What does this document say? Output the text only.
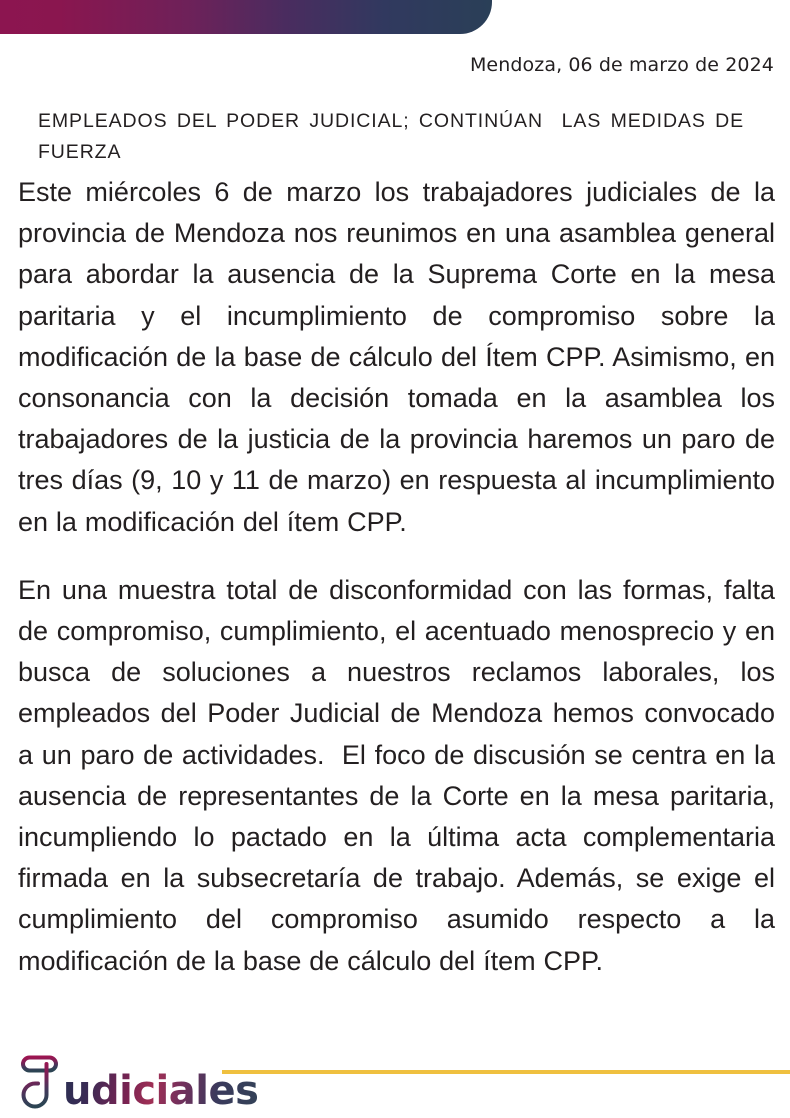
Mendoza, 06 de marzo de 2024
EMPLEADOS DEL PODER JUDICIAL; CONTINÚAN  LAS MEDIDAS DE FUERZA

Este miércoles 6 de marzo los trabajadores judiciales de la provincia de Mendoza nos reunimos en una asamblea general para abordar la ausencia de la Suprema Corte en la mesa paritaria y el incumplimiento de compromiso sobre la modificación de la base de cálculo del Ítem CPP. Asimismo, en consonancia con la decisión tomada en la asamblea los trabajadores de la justicia de la provincia haremos un paro de tres días (9, 10 y 11 de marzo) en respuesta al incumplimiento en la modificación del ítem CPP.

En una muestra total de disconformidad con las formas, falta de compromiso, cumplimiento, el acentuado menosprecio y en busca de soluciones a nuestros reclamos laborales, los empleados del Poder Judicial de Mendoza hemos convocado a un paro de actividades.  El foco de discusión se centra en la ausencia de representantes de la Corte en la mesa paritaria, incumpliendo lo pactado en la última acta complementaria firmada en la subsecretaría de trabajo. Además, se exige el cumplimiento del compromiso asumido respecto a la modificación de la base de cálculo del ítem CPP.

udiciales
